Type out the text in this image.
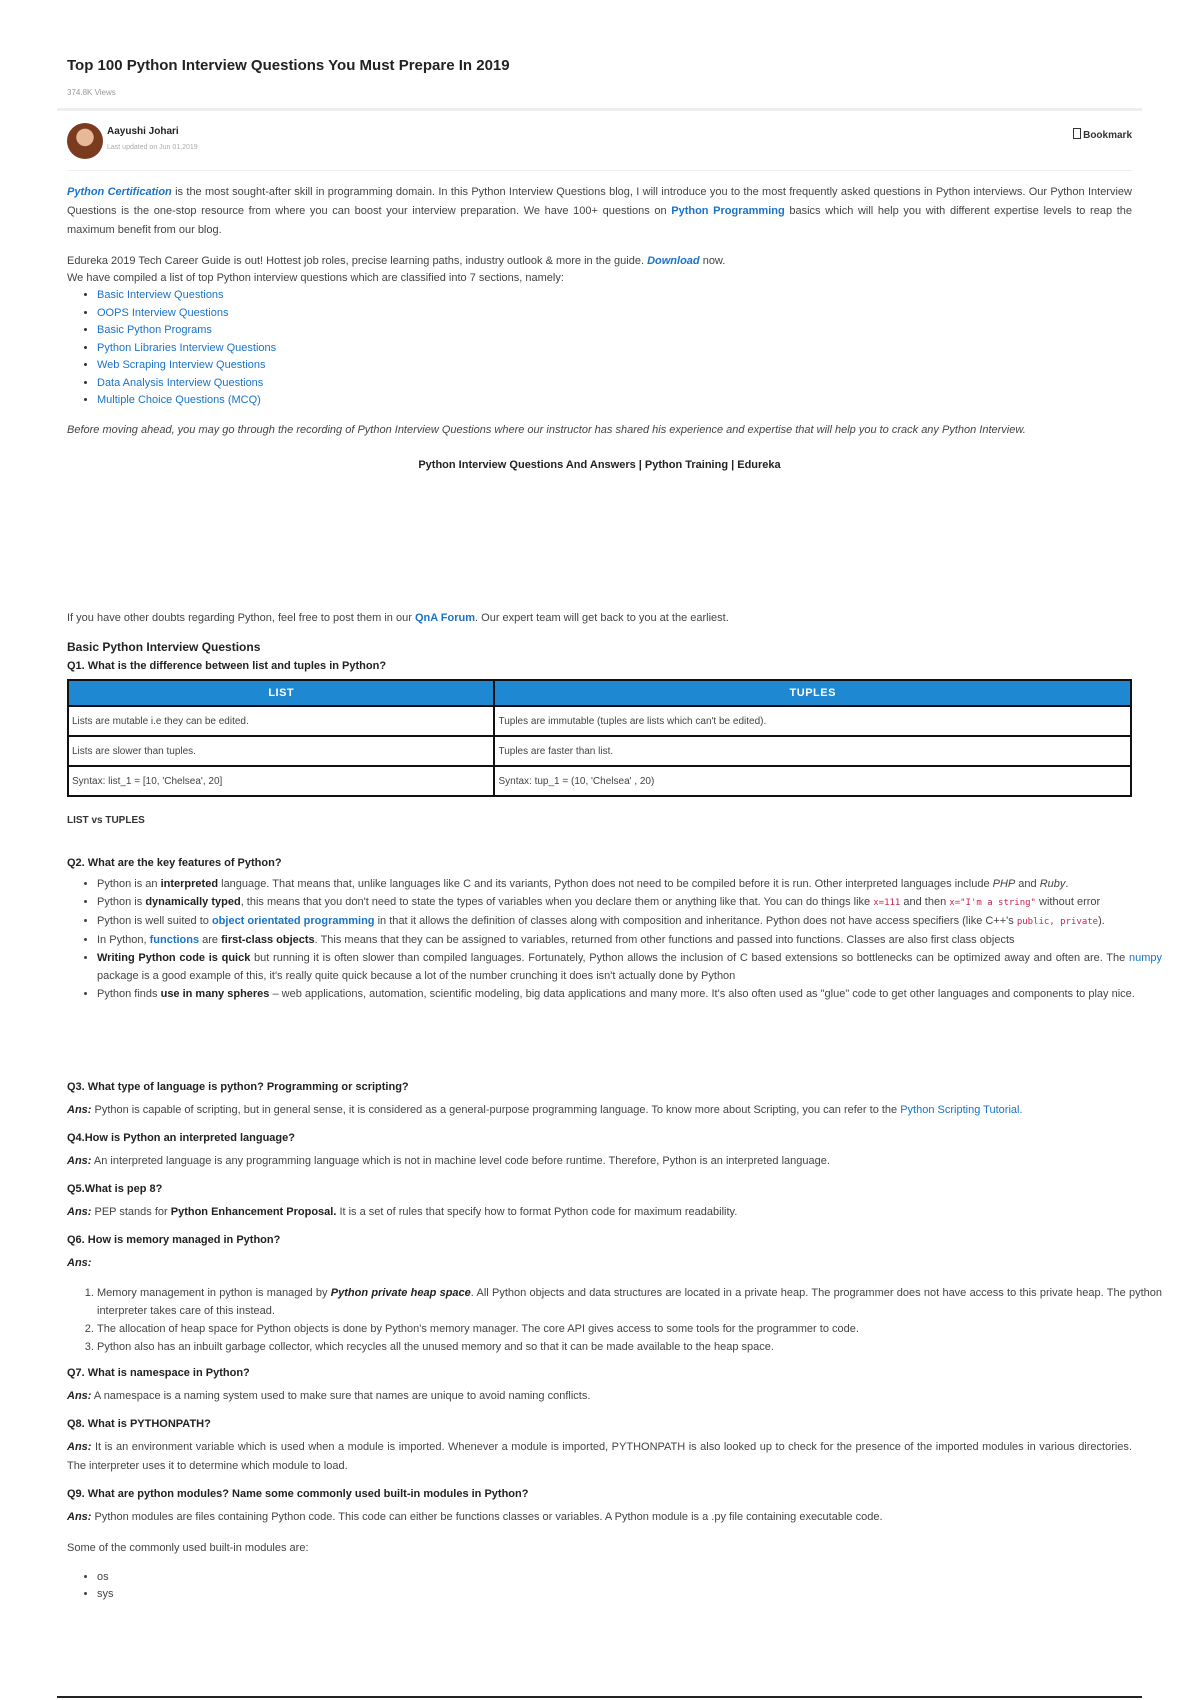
Top 100 Python Interview Questions You Must Prepare In 2019
374.8K Views
Aayushi Johari
Last updated on Jun 01,2019
Bookmark

Python Certification is the most sought-after skill in programming domain. In this Python Interview Questions blog, I will introduce you to the most frequently asked questions in Python interviews. Our Python Interview Questions is the one-stop resource from where you can boost your interview preparation. We have 100+ questions on Python Programming basics which will help you with different expertise levels to reap the maximum benefit from our blog.

Edureka 2019 Tech Career Guide is out! Hottest job roles, precise learning paths, industry outlook & more in the guide. Download now.

We have compiled a list of top Python interview questions which are classified into 7 sections, namely:

• Basic Interview Questions
• OOPS Interview Questions
• Basic Python Programs
• Python Libraries Interview Questions
• Web Scraping Interview Questions
• Data Analysis Interview Questions
• Multiple Choice Questions (MCQ)

Before moving ahead, you may go through the recording of Python Interview Questions where our instructor has shared his experience and expertise that will help you to crack any Python Interview.

Python Interview Questions And Answers | Python Training | Edureka

If you have other doubts regarding Python, feel free to post them in our QnA Forum. Our expert team will get back to you at the earliest.

Basic Python Interview Questions
Q1. What is the difference between list and tuples in Python?
LIST	TUPLES
Lists are mutable i.e they can be edited.	Tuples are immutable (tuples are lists which can't be edited).
Lists are slower than tuples.	Tuples are faster than list.
Syntax: list_1 = [10, 'Chelsea', 20]	Syntax: tup_1 = (10, 'Chelsea' , 20)
LIST vs TUPLES
Q2. What are the key features of Python?
• Python is an interpreted language. That means that, unlike languages like C and its variants, Python does not need to be compiled before it is run. Other interpreted languages include PHP and Ruby.
• Python is dynamically typed, this means that you don't need to state the types of variables when you declare them or anything like that. You can do things like x=111 and then x="I'm a string" without error
• Python is well suited to object orientated programming in that it allows the definition of classes along with composition and inheritance. Python does not have access specifiers (like C++'s public, private).
• In Python, functions are first-class objects. This means that they can be assigned to variables, returned from other functions and passed into functions. Classes are also first class objects
• Writing Python code is quick but running it is often slower than compiled languages. Fortunately, Python allows the inclusion of C based extensions so bottlenecks can be optimized away and often are. The numpy package is a good example of this, it's really quite quick because a lot of the number crunching it does isn't actually done by Python
• Python finds use in many spheres – web applications, automation, scientific modeling, big data applications and many more. It's also often used as "glue" code to get other languages and components to play nice.
Q3. What type of language is python? Programming or scripting?

Ans: Python is capable of scripting, but in general sense, it is considered as a general-purpose programming language. To know more about Scripting, you can refer to the Python Scripting Tutorial.

Q4.How is Python an interpreted language?

Ans: An interpreted language is any programming language which is not in machine level code before runtime. Therefore, Python is an interpreted language.

Q5.What is pep 8?

Ans: PEP stands for Python Enhancement Proposal. It is a set of rules that specify how to format Python code for maximum readability.

Q6. How is memory managed in Python?

Ans:

1. Memory management in python is managed by Python private heap space. All Python objects and data structures are located in a private heap. The programmer does not have access to this private heap. The python interpreter takes care of this instead.
2. The allocation of heap space for Python objects is done by Python's memory manager. The core API gives access to some tools for the programmer to code.
3. Python also has an inbuilt garbage collector, which recycles all the unused memory and so that it can be made available to the heap space.
Q7. What is namespace in Python?

Ans: A namespace is a naming system used to make sure that names are unique to avoid naming conflicts.

Q8. What is PYTHONPATH?

Ans: It is an environment variable which is used when a module is imported. Whenever a module is imported, PYTHONPATH is also looked up to check for the presence of the imported modules in various directories. The interpreter uses it to determine which module to load.

Q9. What are python modules? Name some commonly used built-in modules in Python?

Ans: Python modules are files containing Python code. This code can either be functions classes or variables. A Python module is a .py file containing executable code.

Some of the commonly used built-in modules are:

• os
• sys
